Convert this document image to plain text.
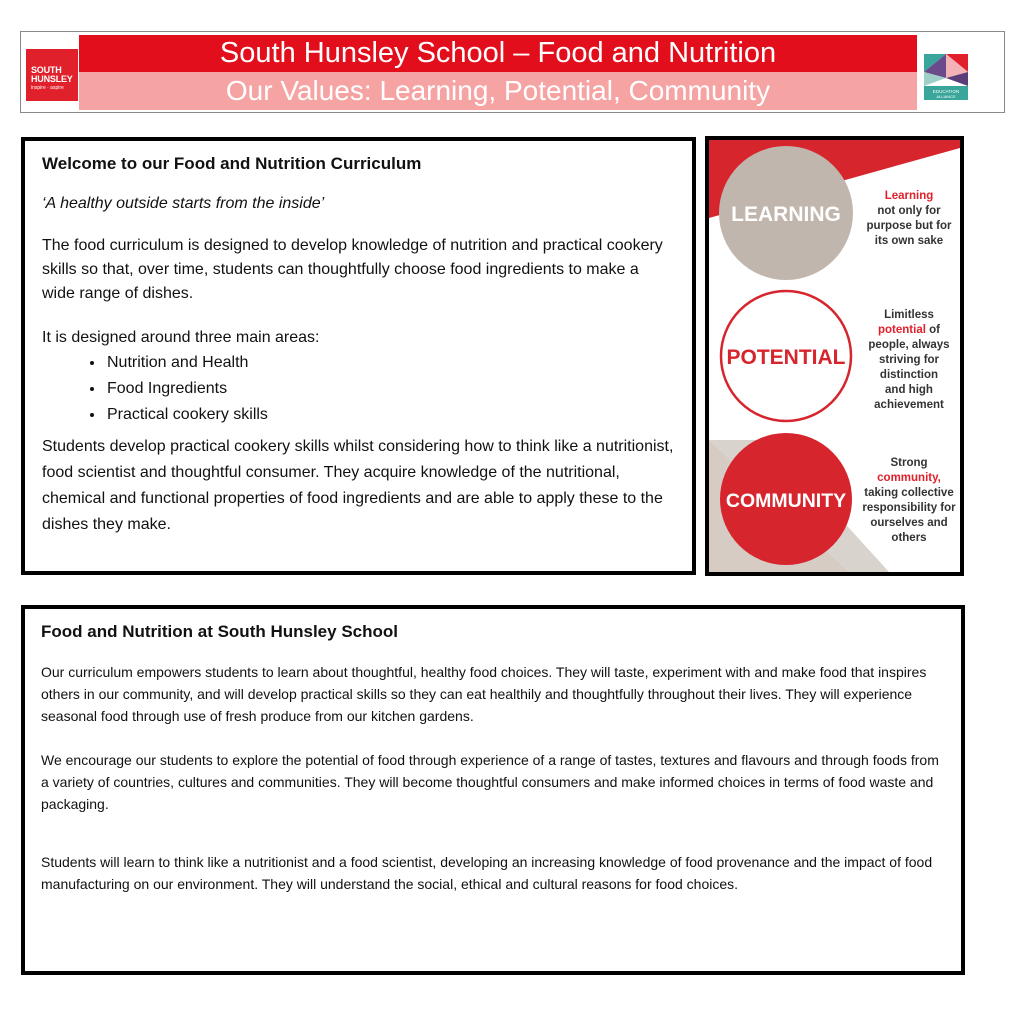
SOUTH
HUNSLEY
inspire · aspire
South Hunsley School – Food and Nutrition
Our Values: Learning, Potential, Community	EDUCATION
ALLIANCE
Welcome to our Food and Nutrition Curriculum
‘A healthy outside starts from the inside’

The food curriculum is designed to develop knowledge of nutrition and practical cookery skills so that, over time, students can thoughtfully choose food ingredients to make a wide range of dishes.

It is designed around three main areas:

• Nutrition and Health
• Food Ingredients
• Practical cookery skills

Students develop practical cookery skills whilst considering how to think like a nutritionist, food scientist and thoughtful consumer. They acquire knowledge of the nutritional, chemical and functional properties of food ingredients and are able to apply these to the dishes they make.

LEARNING
POTENTIAL
COMMUNITY
Learning
not only for
purpose but for
its own sake
Limitless
potential of
people, always
striving for
distinction
and high
achievement
Strong
community,
taking collective
responsibility for
ourselves and
others
Food and Nutrition at South Hunsley School

Our curriculum empowers students to learn about thoughtful, healthy food choices. They will taste, experiment with and make food that inspires others in our community, and will develop practical skills so they can eat healthily and thoughtfully throughout their lives. They will experience seasonal food through use of fresh produce from our kitchen gardens.

We encourage our students to explore the potential of food through experience of a range of tastes, textures and flavours and through foods from a variety of countries, cultures and communities. They will become thoughtful consumers and make informed choices in terms of food waste and packaging.

Students will learn to think like a nutritionist and a food scientist, developing an increasing knowledge of food provenance and the impact of food manufacturing on our environment. They will understand the social, ethical and cultural reasons for food choices.
